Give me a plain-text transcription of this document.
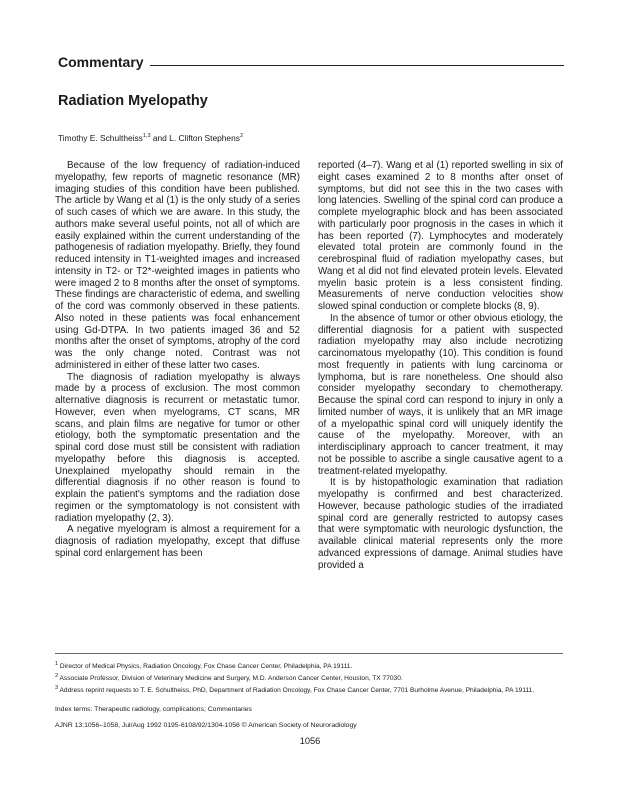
Commentary
Radiation Myelopathy
Timothy E. Schultheiss$^{1,3}$ and L. Clifton Stephens$^2$

Because of the low frequency of radiation-induced myelopathy, few reports of magnetic resonance (MR) imaging studies of this condition have been published. The article by Wang et al (1) is the only study of a series of such cases of which we are aware. In this study, the authors make several useful points, not all of which are easily explained within the current understanding of the pathogenesis of radiation myelopathy. Briefly, they found reduced intensity in T1-weighted images and increased intensity in T2- or T2*-weighted images in patients who were imaged 2 to 8 months after the onset of symptoms. These findings are characteristic of edema, and swelling of the cord was commonly observed in these patients. Also noted in these patients was focal enhancement using Gd-DTPA. In two patients imaged 36 and 52 months after the onset of symptoms, atrophy of the cord was the only change noted. Contrast was not administered in either of these latter two cases.

The diagnosis of radiation myelopathy is always made by a process of exclusion. The most common alternative diagnosis is recurrent or metastatic tumor. However, even when myelograms, CT scans, MR scans, and plain films are negative for tumor or other etiology, both the symptomatic presentation and the spinal cord dose must still be consistent with radiation myelopathy before this diagnosis is accepted. Unexplained myelopathy should remain in the differential diagnosis if no other reason is found to explain the patient's symptoms and the radiation dose regimen or the symptomatology is not consistent with radiation myelopathy (2, 3).

A negative myelogram is almost a requirement for a diagnosis of radiation myelopathy, except that diffuse spinal cord enlargement has been

reported (4–7). Wang et al (1) reported swelling in six of eight cases examined 2 to 8 months after onset of symptoms, but did not see this in the two cases with long latencies. Swelling of the spinal cord can produce a complete myelographic block and has been associated with particularly poor prognosis in the cases in which it has been reported (7). Lymphocytes and moderately elevated total protein are commonly found in the cerebrospinal fluid of radiation myelopathy cases, but Wang et al did not find elevated protein levels. Elevated myelin basic protein is a less consistent finding. Measurements of nerve conduction velocities show slowed spinal conduction or complete blocks (8, 9).

In the absence of tumor or other obvious etiology, the differential diagnosis for a patient with suspected radiation myelopathy may also include necrotizing carcinomatous myelopathy (10). This condition is found most frequently in patients with lung carcinoma or lymphoma, but is rare nonetheless. One should also consider myelopathy secondary to chemotherapy. Because the spinal cord can respond to injury in only a limited number of ways, it is unlikely that an MR image of a myelopathic spinal cord will uniquely identify the cause of the myelopathy. Moreover, with an interdisciplinary approach to cancer treatment, it may not be possible to ascribe a single causative agent to a treatment-related myelopathy.

It is by histopathologic examination that radiation myelopathy is confirmed and best characterized. However, because pathologic studies of the irradiated spinal cord are generally restricted to autopsy cases that were symptomatic with neurologic dysfunction, the available clinical material represents only the more advanced expressions of damage. Animal studies have provided a

$^1$ Director of Medical Physics, Radiation Oncology, Fox Chase Cancer Center, Philadelphia, PA 19111.
$^2$ Associate Professor, Division of Veterinary Medicine and Surgery, M.D. Anderson Cancer Center, Houston, TX 77030.
$^3$ Address reprint requests to T. E. Schultheiss, PhD, Department of Radiation Oncology, Fox Chase Cancer Center, 7701 Burholme Avenue, Philadelphia, PA 19111.
Index terms: Therapeutic radiology, complications; Commentaries
AJNR 13:1056–1058, Jul/Aug 1992 0195-6108/92/1304-1056 © American Society of Neuroradiology
1056
